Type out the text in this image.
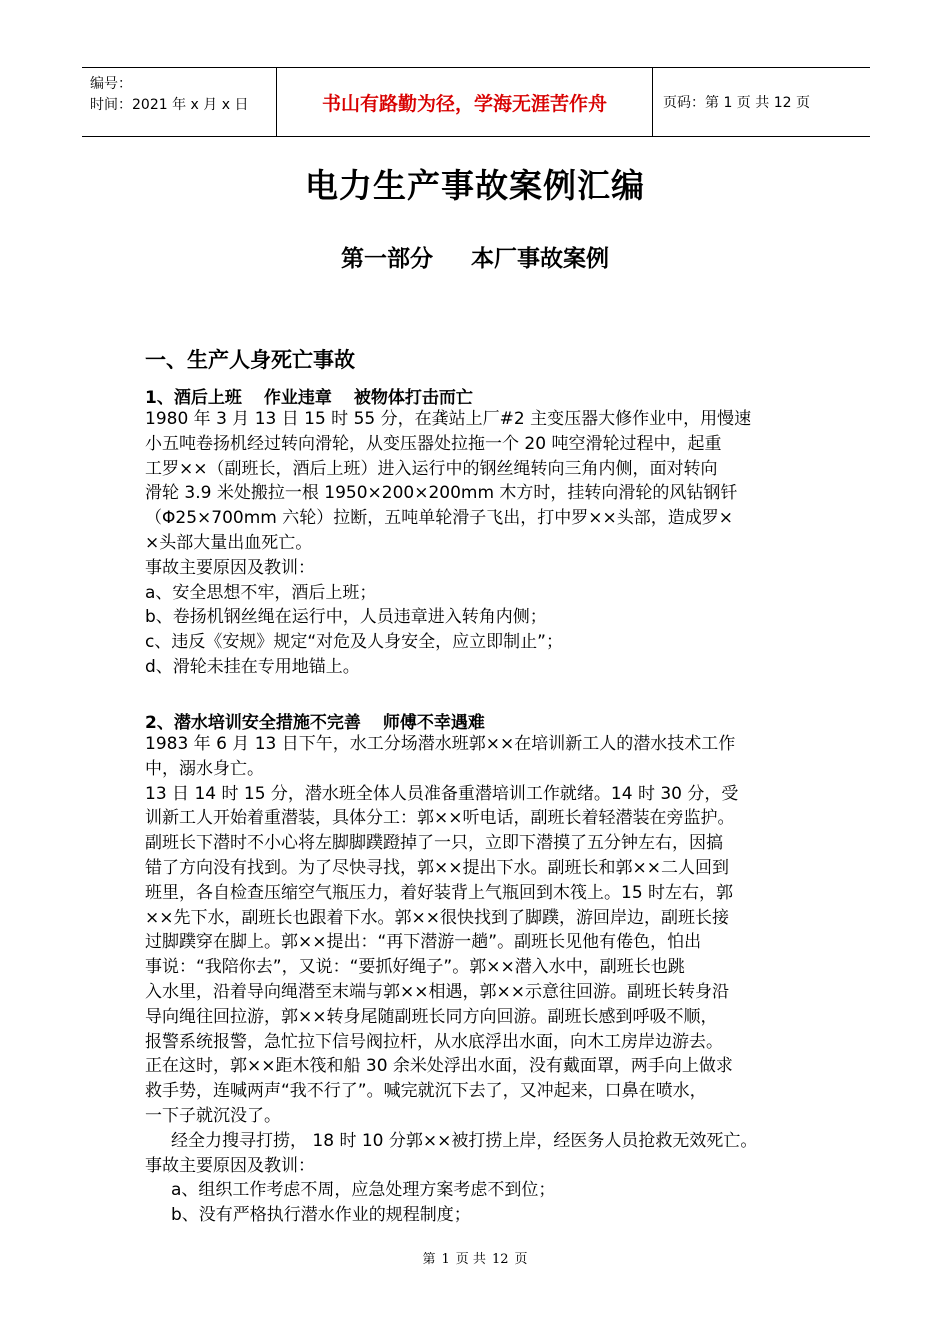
编号：
时间：2021 年 x 月 x 日	书山有路勤为径，学海无涯苦作舟	页码：第 1 页 共 12 页
电力生产事故案例汇编
第一部分 本厂事故案例
一、生产人身死亡事故
1、酒后上班 作业违章 被物体打击而亡
1980 年 3 月 13 日 15 时 55 分，在龚站上厂#2 主变压器大修作业中，用慢速
小五吨卷扬机经过转向滑轮，从变压器处拉拖一个 20 吨空滑轮过程中，起重
工罗××（副班长，酒后上班）进入运行中的钢丝绳转向三角内侧，面对转向
滑轮 3.9 米处搬拉一根 1950×200×200mm 木方时，挂转向滑轮的风钻钢钎
（Φ25×700mm 六轮）拉断，五吨单轮滑子飞出，打中罗××头部，造成罗×
×头部大量出血死亡。
事故主要原因及教训：
a、安全思想不牢，酒后上班；
b、卷扬机钢丝绳在运行中，人员违章进入转角内侧；
c、违反《安规》规定“对危及人身安全，应立即制止”；
d、滑轮未挂在专用地锚上。
2、潜水培训安全措施不完善 师傅不幸遇难
1983 年 6 月 13 日下午，水工分场潜水班郭××在培训新工人的潜水技术工作
中，溺水身亡。
13 日 14 时 15 分，潜水班全体人员准备重潜培训工作就绪。14 时 30 分，受
训新工人开始着重潜装，具体分工：郭××听电话，副班长着轻潜装在旁监护。
副班长下潜时不小心将左脚脚蹼蹬掉了一只，立即下潜摸了五分钟左右，因搞
错了方向没有找到。为了尽快寻找，郭××提出下水。副班长和郭××二人回到
班里，各自检查压缩空气瓶压力，着好装背上气瓶回到木筏上。15 时左右，郭
××先下水，副班长也跟着下水。郭××很快找到了脚蹼，游回岸边，副班长接
过脚蹼穿在脚上。郭××提出：“再下潜游一趟”。副班长见他有倦色，怕出
事说：“我陪你去”，又说：“要抓好绳子”。郭××潜入水中，副班长也跳
入水里，沿着导向绳潜至末端与郭××相遇，郭××示意往回游。副班长转身沿
导向绳往回拉游，郭××转身尾随副班长同方向回游。副班长感到呼吸不顺，
报警系统报警，急忙拉下信号阀拉杆，从水底浮出水面，向木工房岸边游去。
正在这时，郭××距木筏和船 30 余米处浮出水面，没有戴面罩，两手向上做求
救手势，连喊两声“我不行了”。喊完就沉下去了，又冲起来，口鼻在喷水，
一下子就沉没了。
经全力搜寻打捞， 18 时 10 分郭××被打捞上岸，经医务人员抢救无效死亡。
事故主要原因及教训：
a、组织工作考虑不周，应急处理方案考虑不到位；
b、没有严格执行潜水作业的规程制度；
第 1 页 共 12 页
